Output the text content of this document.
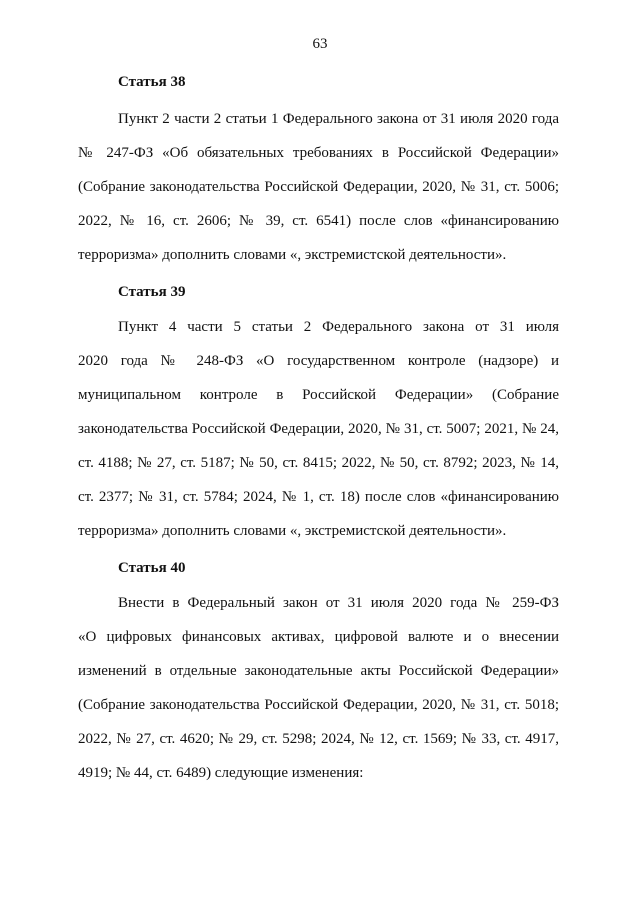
63
Статья 38
Пункт 2 части 2 статьи 1 Федерального закона от 31 июля 2020 года
№ 247-ФЗ «Об обязательных требованиях в Российской Федерации»
(Собрание законодательства Российской Федерации, 2020, № 31, ст. 5006;
2022, № 16, ст. 2606; № 39, ст. 6541) после слов «финансированию
терроризма» дополнить словами «, экстремистской деятельности».
Статья 39
Пункт 4 части 5 статьи 2 Федерального закона от 31 июля
2020 года № 248-ФЗ «О государственном контроле (надзоре) и
муниципальном контроле в Российской Федерации» (Собрание
законодательства Российской Федерации, 2020, № 31, ст. 5007; 2021, № 24,
ст. 4188; № 27, ст. 5187; № 50, ст. 8415; 2022, № 50, ст. 8792; 2023, № 14,
ст. 2377; № 31, ст. 5784; 2024, № 1, ст. 18) после слов «финансированию
терроризма» дополнить словами «, экстремистской деятельности».
Статья 40
Внести в Федеральный закон от 31 июля 2020 года № 259-ФЗ
«О цифровых финансовых активах, цифровой валюте и о внесении
изменений в отдельные законодательные акты Российской Федерации»
(Собрание законодательства Российской Федерации, 2020, № 31, ст. 5018;
2022, № 27, ст. 4620; № 29, ст. 5298; 2024, № 12, ст. 1569; № 33, ст. 4917,
4919; № 44, ст. 6489) следующие изменения:
